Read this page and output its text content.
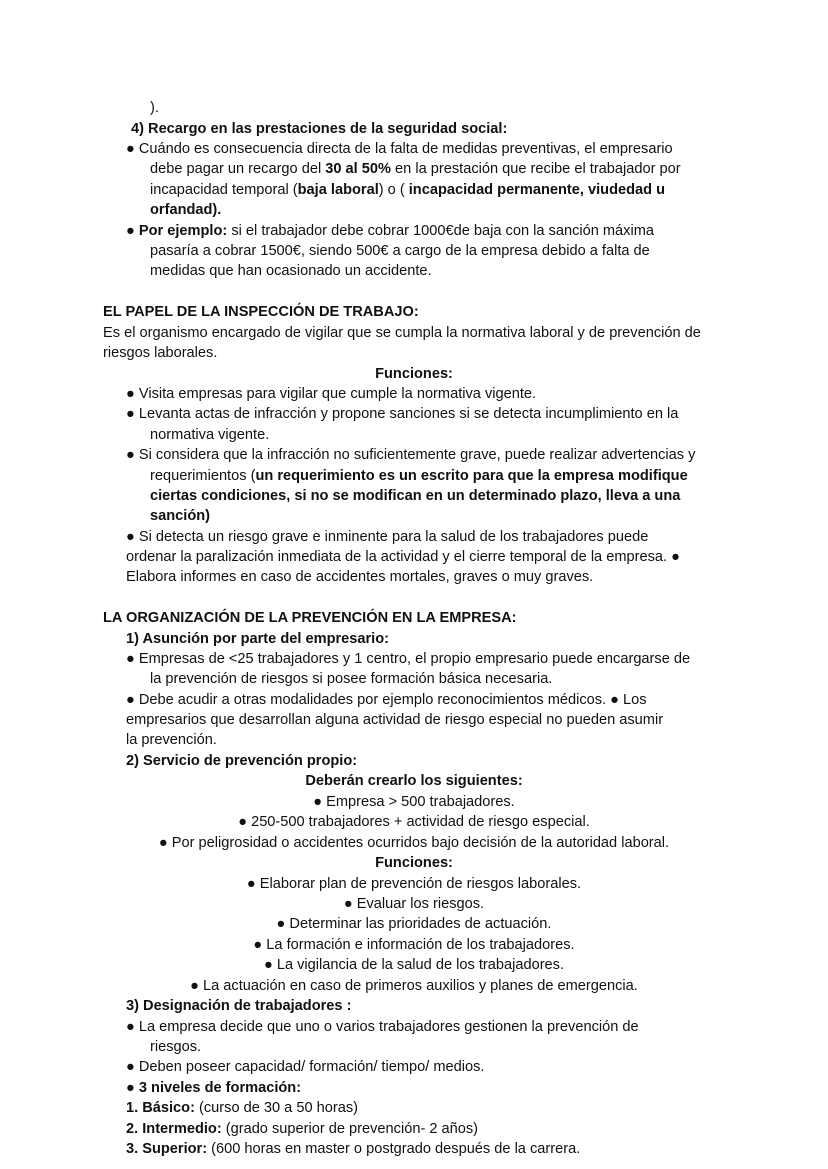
).
4) Recargo en las prestaciones de la seguridad social:
● Cuándo es consecuencia directa de la falta de medidas preventivas, el empresario
debe pagar un recargo del 30 al 50% en la prestación que recibe el trabajador por
incapacidad temporal (baja laboral) o ( incapacidad permanente, viudedad u
orfandad).
● Por ejemplo: si el trabajador debe cobrar 1000€de baja con la sanción máxima
pasaría a cobrar 1500€, siendo 500€ a cargo de la empresa debido a falta de
medidas que han ocasionado un accidente.
EL PAPEL DE LA INSPECCIÓN DE TRABAJO:
Es el organismo encargado de vigilar que se cumpla la normativa laboral y de prevención de
riesgos laborales.
Funciones:
● Visita empresas para vigilar que cumple la normativa vigente.
● Levanta actas de infracción y propone sanciones si se detecta incumplimiento en la
normativa vigente.
● Si considera que la infracción no suficientemente grave, puede realizar advertencias y
requerimientos (un requerimiento es un escrito para que la empresa modifique
ciertas condiciones, si no se modifican en un determinado plazo, lleva a una
sanción)
● Si detecta un riesgo grave e inminente para la salud de los trabajadores puede
ordenar la paralización inmediata de la actividad y el cierre temporal de la empresa. ●
Elabora informes en caso de accidentes mortales, graves o muy graves.
LA ORGANIZACIÓN DE LA PREVENCIÓN EN LA EMPRESA:
1) Asunción por parte del empresario:
● Empresas de <25 trabajadores y 1 centro, el propio empresario puede encargarse de
la prevención de riesgos si posee formación básica necesaria.
● Debe acudir a otras modalidades por ejemplo reconocimientos médicos. ● Los
empresarios que desarrollan alguna actividad de riesgo especial no pueden asumir
la prevención.
2) Servicio de prevención propio:
Deberán crearlo los siguientes:
● Empresa > 500 trabajadores.
● 250-500 trabajadores + actividad de riesgo especial.
● Por peligrosidad o accidentes ocurridos bajo decisión de la autoridad laboral.
Funciones:
● Elaborar plan de prevención de riesgos laborales.
● Evaluar los riesgos.
● Determinar las prioridades de actuación.
● La formación e información de los trabajadores.
● La vigilancia de la salud de los trabajadores.
● La actuación en caso de primeros auxilios y planes de emergencia.
3) Designación de trabajadores :
● La empresa decide que uno o varios trabajadores gestionen la prevención de
riesgos.
● Deben poseer capacidad/ formación/ tiempo/ medios.
● 3 niveles de formación:
1. Básico: (curso de 30 a 50 horas)
2. Intermedio: (grado superior de prevención- 2 años)
3. Superior: (600 horas en master o postgrado después de la carrera.
